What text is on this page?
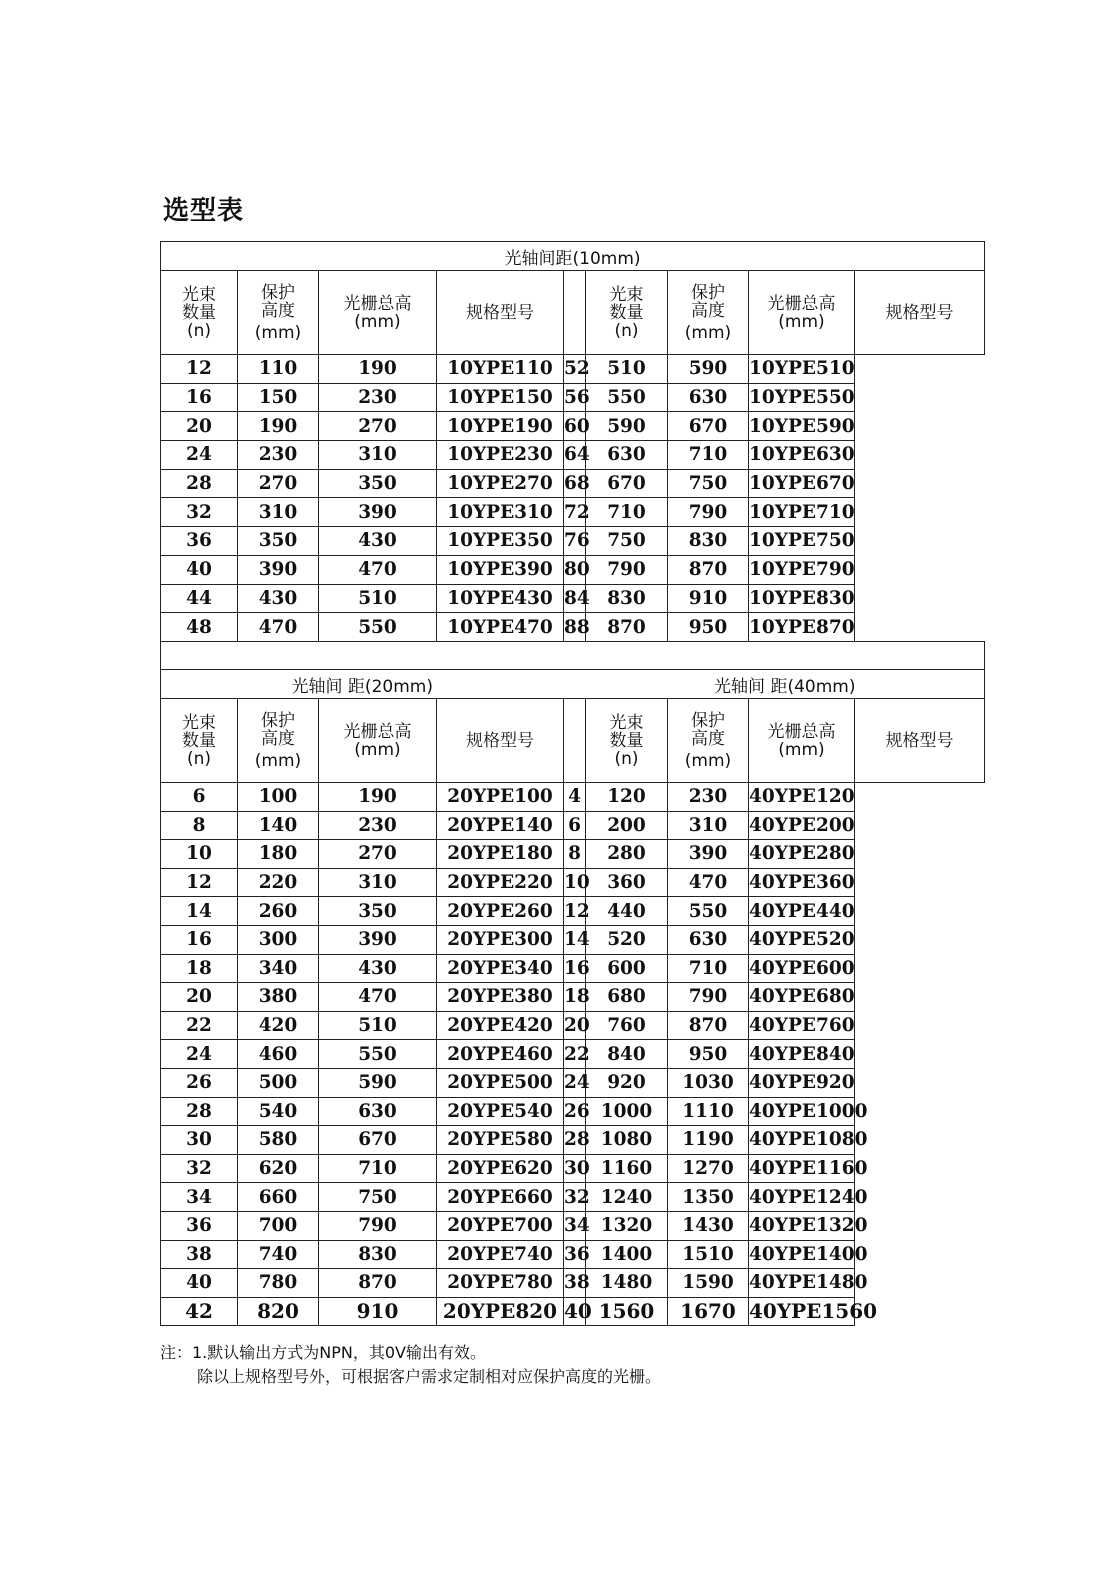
选型表
光轴间距(10mm)								

光束
数量
(n)	保护
高度
(mm)	光栅总高
(mm)	规格型号		光束
数量
(n)	保护
高度
(mm)	光栅总高
(mm)	规格型号
12	110	190	10YPE110	52	510	590	10YPE510	
16	150	230	10YPE150	56	550	630	10YPE550	
20	190	270	10YPE190	60	590	670	10YPE590	
24	230	310	10YPE230	64	630	710	10YPE630	
28	270	350	10YPE270	68	670	750	10YPE670	
32	310	390	10YPE310	72	710	790	10YPE710	
36	350	430	10YPE350	76	750	830	10YPE750	
40	390	470	10YPE390	80	790	870	10YPE790	
44	430	510	10YPE430	84	830	910	10YPE830	
48	470	550	10YPE470	88	870	950	10YPE870	

光轴间 距(20mm)					光轴间 距(40mm)			

光束
数量
(n)	保护
高度
(mm)	光栅总高
(mm)	规格型号		光束
数量
(n)	保护
高度
(mm)	光栅总高
(mm)	规格型号
6	100	190	20YPE100	4	120	230	40YPE120	
8	140	230	20YPE140	6	200	310	40YPE200	
10	180	270	20YPE180	8	280	390	40YPE280	
12	220	310	20YPE220	10	360	470	40YPE360	
14	260	350	20YPE260	12	440	550	40YPE440	
16	300	390	20YPE300	14	520	630	40YPE520	
18	340	430	20YPE340	16	600	710	40YPE600	
20	380	470	20YPE380	18	680	790	40YPE680	
22	420	510	20YPE420	20	760	870	40YPE760	
24	460	550	20YPE460	22	840	950	40YPE840	
26	500	590	20YPE500	24	920	1030	40YPE920	
28	540	630	20YPE540	26	1000	1110	40YPE1000	
30	580	670	20YPE580	28	1080	1190	40YPE1080	
32	620	710	20YPE620	30	1160	1270	40YPE1160	
34	660	750	20YPE660	32	1240	1350	40YPE1240	
36	700	790	20YPE700	34	1320	1430	40YPE1320	
38	740	830	20YPE740	36	1400	1510	40YPE1400	
40	780	870	20YPE780	38	1480	1590	40YPE1480	
42	820	910	20YPE820	40	1560	1670	40YPE1560	
注：1.默认输出方式为NPN，其0V输出有效。
除以上规格型号外，可根据客户需求定制相对应保护高度的光栅。
